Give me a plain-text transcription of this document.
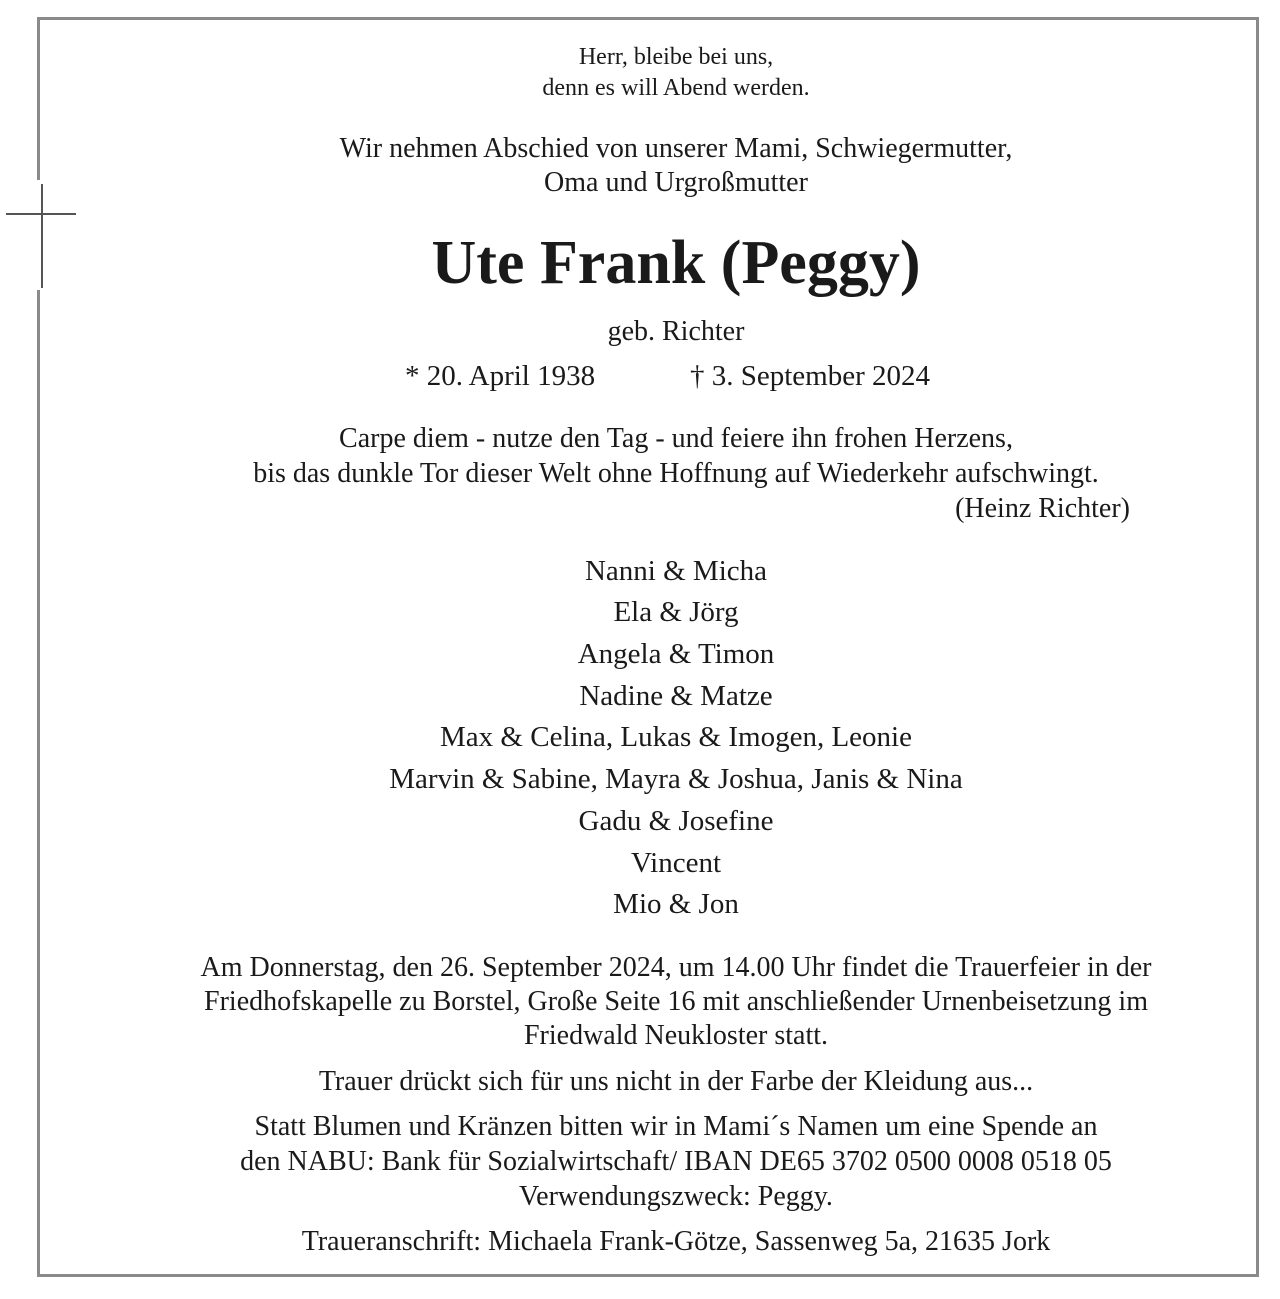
Herr, bleibe bei uns,
denn es will Abend werden.
Wir nehmen Abschied von unserer Mami, Schwiegermutter,
Oma und Urgroßmutter
Ute Frank (Peggy)
geb. Richter
* 20. April 1938	† 3. September 2024
Carpe diem - nutze den Tag - und feiere ihn frohen Herzens,
bis das dunkle Tor dieser Welt ohne Hoffnung auf Wiederkehr aufschwingt.
(Heinz Richter)
Nanni & Micha
Ela & Jörg
Angela & Timon
Nadine & Matze
Max & Celina, Lukas & Imogen, Leonie
Marvin & Sabine, Mayra & Joshua, Janis & Nina
Gadu & Josefine
Vincent
Mio & Jon
Am Donnerstag, den 26. September 2024, um 14.00 Uhr findet die Trauerfeier in der
Friedhofskapelle zu Borstel, Große Seite 16 mit anschließender Urnenbeisetzung im
Friedwald Neukloster statt.
Trauer drückt sich für uns nicht in der Farbe der Kleidung aus...
Statt Blumen und Kränzen bitten wir in Mami´s Namen um eine Spende an
den NABU: Bank für Sozialwirtschaft/ IBAN DE65 3702 0500 0008 0518 05
Verwendungszweck: Peggy.
Traueranschrift: Michaela Frank-Götze, Sassenweg 5a, 21635 Jork
